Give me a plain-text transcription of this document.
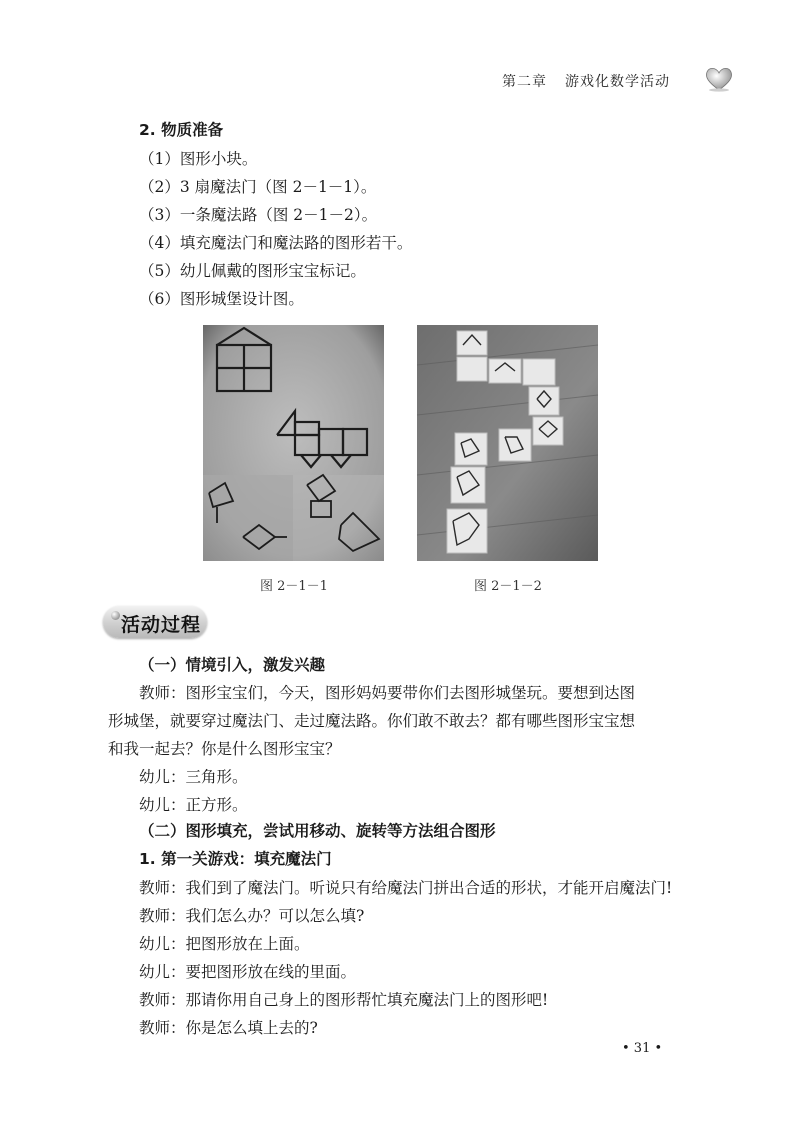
第二章 游戏化数学活动
2. 物质准备
（1）图形小块。
（2）3 扇魔法门（图 2－1－1）。
（3）一条魔法路（图 2－1－2）。
（4）填充魔法门和魔法路的图形若干。
（5）幼儿佩戴的图形宝宝标记。
（6）图形城堡设计图。
图 2－1－1	图 2－1－2
活动过程
（一）情境引入，激发兴趣
教师：图形宝宝们，今天，图形妈妈要带你们去图形城堡玩。要想到达图
形城堡，就要穿过魔法门、走过魔法路。你们敢不敢去？都有哪些图形宝宝想
和我一起去？你是什么图形宝宝？
幼儿：三角形。
幼儿：正方形。
（二）图形填充，尝试用移动、旋转等方法组合图形
1. 第一关游戏：填充魔法门
教师：我们到了魔法门。听说只有给魔法门拼出合适的形状，才能开启魔法门!
教师：我们怎么办？可以怎么填?
幼儿：把图形放在上面。
幼儿：要把图形放在线的里面。
教师：那请你用自己身上的图形帮忙填充魔法门上的图形吧!
教师：你是怎么填上去的?
• 31 •
